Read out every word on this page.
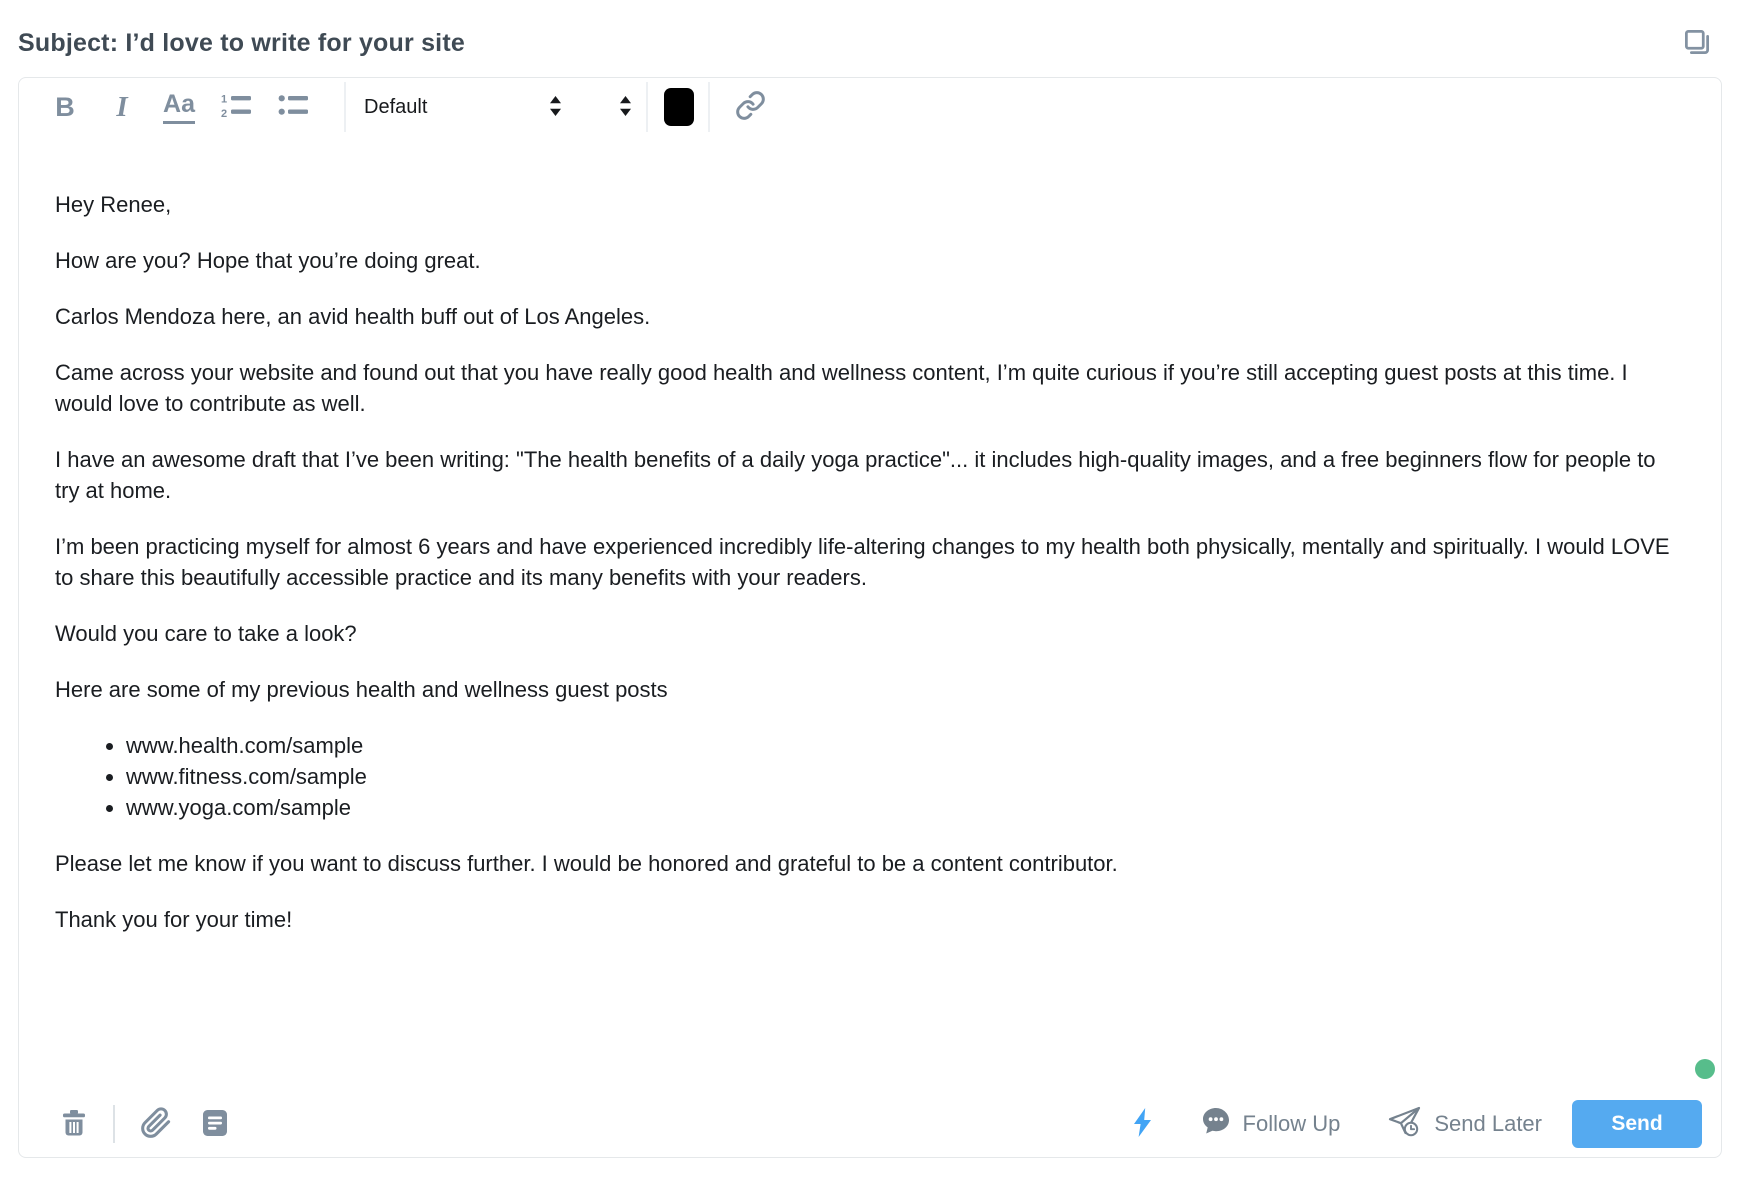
Subject: I’d love to write for your site
B	I	Aa 1
2	Default

Hey Renee,

How are you? Hope that you’re doing great.

Carlos Mendoza here, an avid health buff out of Los Angeles.

Came across your website and found out that you have really good health and wellness content, I’m quite curious if you’re still accepting guest posts at this time. I would love to contribute as well.

I have an awesome draft that I’ve been writing: "The health benefits of a daily yoga practice"... it includes high-quality images, and a free beginners flow for people to try at home.

I’m been practicing myself for almost 6 years and have experienced incredibly life-altering changes to my health both physically, mentally and spiritually. I would LOVE to share this beautifully accessible practice and its many benefits with your readers.

Would you care to take a look?

Here are some of my previous health and wellness guest posts

• www.health.com/sample
• www.fitness.com/sample
• www.yoga.com/sample

Please let me know if you want to discuss further. I would be honored and grateful to be a content contributor.

Thank you for your time!

Follow Up	Send Later	Send
